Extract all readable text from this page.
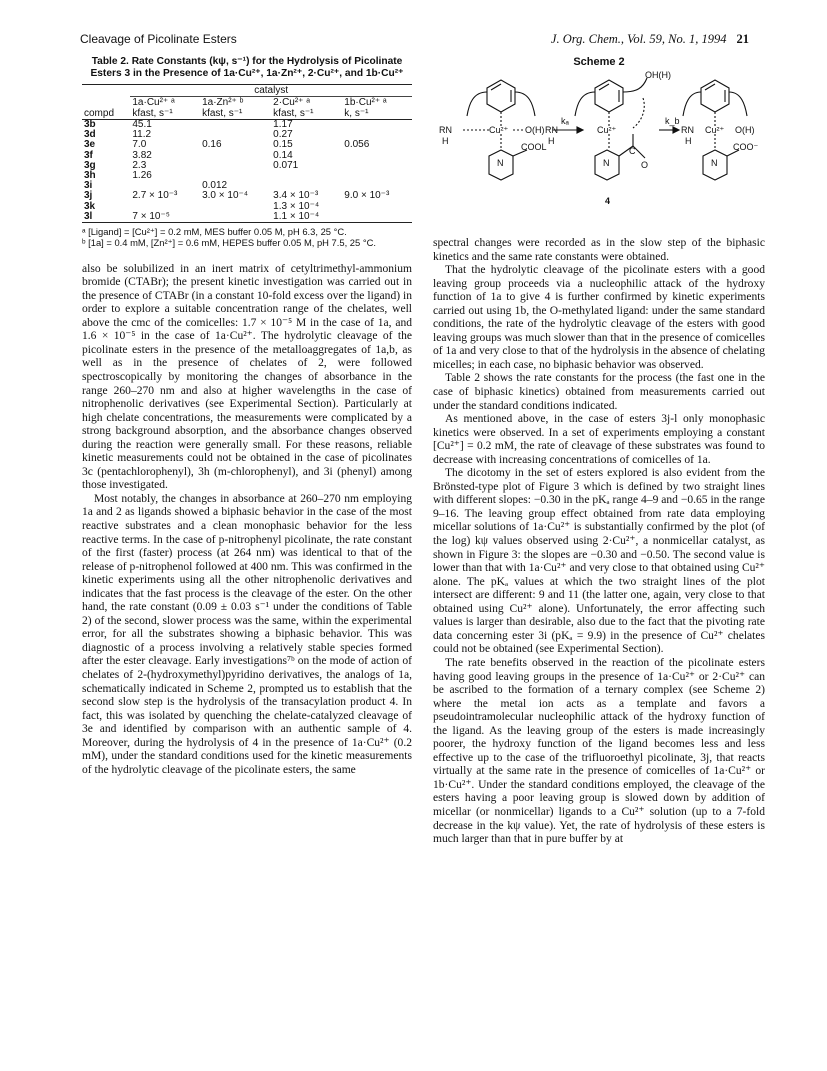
Cleavage of Picolinate Esters	J. Org. Chem., Vol. 59, No. 1, 1994 21
Table 2. Rate Constants (kψ, s⁻¹) for the Hydrolysis of Picolinate Esters 3 in the Presence of 1a·Cu²⁺, 1a·Zn²⁺, 2·Cu²⁺, and 1b·Cu²⁺
	catalyst			
	1a·Cu²⁺ ᵃ	1a·Zn²⁺ ᵇ	2·Cu²⁺ ᵃ	1b·Cu²⁺ ᵃ
compd	kfast, s⁻¹	kfast, s⁻¹	kfast, s⁻¹	k, s⁻¹
3b	45.1		1.17	
3d	11.2		0.27	
3e	7.0	0.16	0.15	0.056
3f	3.82		0.14	
3g	2.3		0.071	
3h	1.26			
3i		0.012		
3j	2.7 × 10⁻³	3.0 × 10⁻⁴	3.4 × 10⁻³	9.0 × 10⁻³
3k			1.3 × 10⁻⁴	
3l	7 × 10⁻⁵		1.1 × 10⁻⁴	
ᵃ [Ligand] = [Cu²⁺] = 0.2 mM, MES buffer 0.05 M, pH 6.3, 25 °C.
ᵇ [1a] = 0.4 mM, [Zn²⁺] = 0.6 mM, HEPES buffer 0.05 M, pH 7.5, 25 °C.

also be solubilized in an inert matrix of cetyltrimethyl-ammonium bromide (CTABr); the present kinetic investigation was carried out in the presence of CTABr (in a constant 10-fold excess over the ligand) in order to explore a suitable concentration range of the chelates, well above the cmc of the comicelles: 1.7 × 10⁻⁵ M in the case of 1a, and 1.6 × 10⁻⁵ in the case of 1a·Cu²⁺. The hydrolytic cleavage of the picolinate esters in the presence of the metalloaggregates of 1a,b, as well as in the presence of chelates of 2, were followed spectroscopically by monitoring the changes of absorbance in the range 260–270 nm and also at higher wavelengths in the case of nitrophenolic derivatives (see Experimental Section). Particularly at high chelate concentrations, the measurements were complicated by a strong background absorption, and the absorbance changes observed during the reaction were generally small. For these reasons, reliable kinetic measurements could not be obtained in the case of picolinates 3c (pentachlorophenyl), 3h (m-chlorophenyl), and 3i (phenyl) among those investigated.

Most notably, the changes in absorbance at 260–270 nm employing 1a and 2 as ligands showed a biphasic behavior in the case of the most reactive substrates and a clean monophasic behavior for the less reactive terms. In the case of p-nitrophenyl picolinate, the rate constant of the first (faster) process (at 264 nm) was identical to that of the release of p-nitrophenol followed at 400 nm. This was confirmed in the kinetic experiments using all the other nitrophenolic derivatives and indicates that the fast process is the cleavage of the ester. On the other hand, the rate constant (0.09 ± 0.03 s⁻¹ under the conditions of Table 2) of the second, slower process was the same, within the experimental error, for all the substrates showing a biphasic behavior. This was diagnostic of a process involving a relatively stable species formed after the ester cleavage. Early investigations⁷ᵇ on the mode of action of chelates of 2-(hydroxymethyl)pyridino derivatives, the analogs of 1a, schematically indicated in Scheme 2, prompted us to establish that the second slow step is the hydrolysis of the transacylation product 4. In fact, this was isolated by quenching the chelate-catalyzed cleavage of 3e and identified by comparison with an authentic sample of 4. Moreover, during the hydrolysis of 4 in the presence of 1a·Cu²⁺ (0.2 mM), under the standard conditions used for the kinetic measurements of the hydrolytic cleavage of the picolinate esters, the same

Scheme 2
RN
H
Cu²⁺ O(H)
N
COOL
kₐ
RN
H
Cu²⁺
OH(H)
N
C
O
k_b
RN
H
Cu²⁺ O(H)
N
COO⁻
4

spectral changes were recorded as in the slow step of the biphasic kinetics and the same rate constants were obtained.

That the hydrolytic cleavage of the picolinate esters with a good leaving group proceeds via a nucleophilic attack of the hydroxy function of 1a to give 4 is further confirmed by kinetic experiments carried out using 1b, the O-methylated ligand: under the same standard conditions, the rate of the hydrolytic cleavage of the esters with good leaving groups was much slower than that in the presence of comicelles of 1a and very close to that of the hydrolysis in the absence of chelating micelles; in each case, no biphasic behavior was observed.

Table 2 shows the rate constants for the process (the fast one in the case of biphasic kinetics) obtained from measurements carried out under the standard conditions indicated.

As mentioned above, in the case of esters 3j-l only monophasic kinetics were observed. In a set of experiments employing a constant [Cu²⁺] = 0.2 mM, the rate of cleavage of these substrates was found to decrease with increasing concentrations of comicelles of 1a.

The dicotomy in the set of esters explored is also evident from the Brönsted-type plot of Figure 3 which is defined by two straight lines with different slopes: −0.30 in the pKₐ range 4–9 and −0.65 in the range 9–16. The leaving group effect obtained from rate data employing micellar solutions of 1a·Cu²⁺ is substantially confirmed by the plot (of the log) kψ values observed using 2·Cu²⁺, a nonmicellar catalyst, as shown in Figure 3: the slopes are −0.30 and −0.50. The second value is lower than that with 1a·Cu²⁺ and very close to that obtained using Cu²⁺ alone. The pKₐ values at which the two straight lines of the plot intersect are different: 9 and 11 (the latter one, again, very close to that obtained using Cu²⁺ alone). Unfortunately, the error affecting such values is larger than desirable, also due to the fact that the pivoting rate data concerning ester 3i (pKₐ = 9.9) in the presence of Cu²⁺ chelates could not be obtained (see Experimental Section).

The rate benefits observed in the reaction of the picolinate esters having good leaving groups in the presence of 1a·Cu²⁺ or 2·Cu²⁺ can be ascribed to the formation of a ternary complex (see Scheme 2) where the metal ion acts as a template and favors a pseudointramolecular nucleophilic attack of the hydroxy function of the ligand. As the leaving group of the esters is made increasingly poorer, the hydroxy function of the ligand becomes less and less effective up to the case of the trifluoroethyl picolinate, 3j, that reacts virtually at the same rate in the presence of comicelles of 1a·Cu²⁺ or 1b·Cu²⁺. Under the standard conditions employed, the cleavage of the esters having a poor leaving group is slowed down by addition of micellar (or nonmicellar) ligands to a Cu²⁺ solution (up to a 7-fold decrease in the kψ value). Yet, the rate of hydrolysis of these esters is much larger than that in pure buffer by at
